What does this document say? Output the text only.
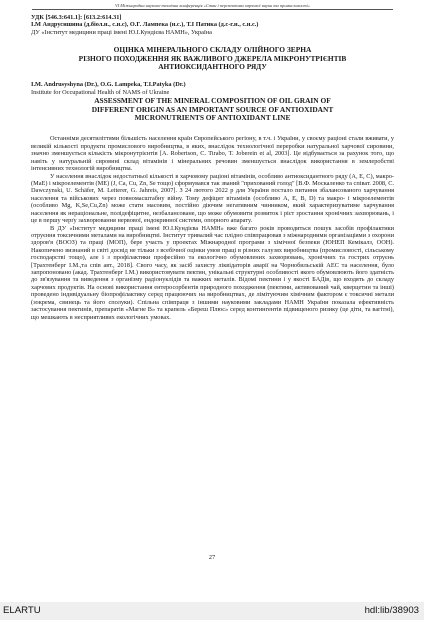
VI Міжнародна науково-технічна конференція «Стан і перспективи харчової науки та промисловості»
УДК [546.3:641.1]: [613.2:614.31]
І.М Андрусишина (д.біол.н., с.н.с), О.Г. Лампека (н.с.), Т.І Патика (д.с-г.н., с.н.с.)
ДУ «Інститут медицини праці імені Ю.І.Кундієва НАМН», Україна
ОЦІНКА МІНЕРАЛЬНОГО СКЛАДУ ОЛІЙНОГО ЗЕРНА
РІЗНОГО ПОХОДЖЕННЯ ЯК ВАЖЛИВОГО ДЖЕРЕЛА МІКРОНУТРІЄНТІВ
АНТИОКСИДАНТНОГО РЯДУ
I.M. Andrusyshyna (Dr.), O.G. Lampeka, T.I.Patyka (Dr.)
Institute for Occupational Health of NAMS of Ukraine
ASSESSMENT OF THE MINERAL COMPOSITION OF OIL GRAIN OF
DIFFERENT ORIGIN AS AN IMPORTANT SOURCE OF ANTIOXIDANT
MICRONUTRIENTS OF ANTIOXIDANT LINE

Останніми десятиліттями більшість населення країн Європейського регіону, в т.ч. і України, у своєму раціоні стали вживати, у великій кількості продукти промислового виробництва, в яких, внаслідок технологічної переробки натуральної харчової сировини, значно зменшується кількість мікронутрієнтів [A. Robertson, C. Tirabo, T. Joberein et al, 2003]. Це відбувається за рахунок того, що навіть у натуральній сировині склад вітамінів і мінеральних речовин зменшується внаслідок використання в землеробстві інтенсивних технологій виробництва.

У населення внаслідок недостатньої кількості в харчовому раціоні вітамінів, особливо антиоксидантного ряду (A, E, C), макро- (МаЕ) і мікроелементів (МЕ) (J, Ca, Cu, Zn, Se тощо) сформувався так званий "прихований голод" [В.Ф. Москаленко та співат. 2008, C. Dawczynski, U. Schäfer, M. Leiterer, G. Jahreis, 2007]. З 24 лютого 2022 р для України постало питання збалансованого харчування населення та військових через повномасштабну війну. Тому дефіцит вітамінів (особливо A, E, B, D) та макро- і мікроелементів (особливо Mg, K,Se,Cu,Zn) може стати масовим, постійно діючим негативним чинником, який характеризуватиме харчування населення як нераціональне, полідефіцитне, незбалансоване, що може обумовити розвиток і ріст зростання хронічних захворювань, і це в першу черґу захворювання нервової, ендокринної системи, опорного апарату.

В ДУ «Інститут медицини праці імені Ю.І.Кундієва НАМН» вже багато років проводиться пошук засобів профілактики отруєння токсичними металами на виробництві. Інститут тривалий час плідно співпрацював з міжнародними організаціями з охорони здоров'я (ВООЗ) та праці (МОП), бере участь у проектах Міжнародної програми з хімічної безпеки (ЮНЕП Кемікалз, ООН). Накопичено визнаний в світі досвід не тільки з всебічної оцінки умов праці в різних галузях виробництва (промисловості, сільському господарстві тощо), але і з профілактики професійно та екологічно обумовлених захворювань, хронічних та гострих отруєнь [Трахтенберг І.М.,та спів авт., 2018]. Свого часу, як засіб захисту ліквідаторів аварії на Чорнобильській АЕС та населення, було запропоновано (акад. Трахтенберг І.М.) використовувати пектин, унікальні структурні особливості якого обумовлюють його здатність до зв'язування та виведення з організму радіонуклідів та важких металів. Відомі пектини і у якості БАДів, що входять до складу харчових продуктів. На основі використання ентеросорбентів природного походження (пектини, активований чай, кверцетин та інші) проведено індивідуальну біопрофілактику серед працюючих на виробництвах, де лімітуючим хімічним фактором є токсичні метали (зокрема, свинець та його сполуки). Спільна співпраця з іншими науковими закладами НАМН України показала ефективність застосування пектинів, препаратів «Магне B» та крапель «Береш Плюс» серед контингентів підвищеного ризику (це діти, та вагітні), що мешкають в несприятливих екологічних умовах.

27
ELARTU	hdl:lib/38903
